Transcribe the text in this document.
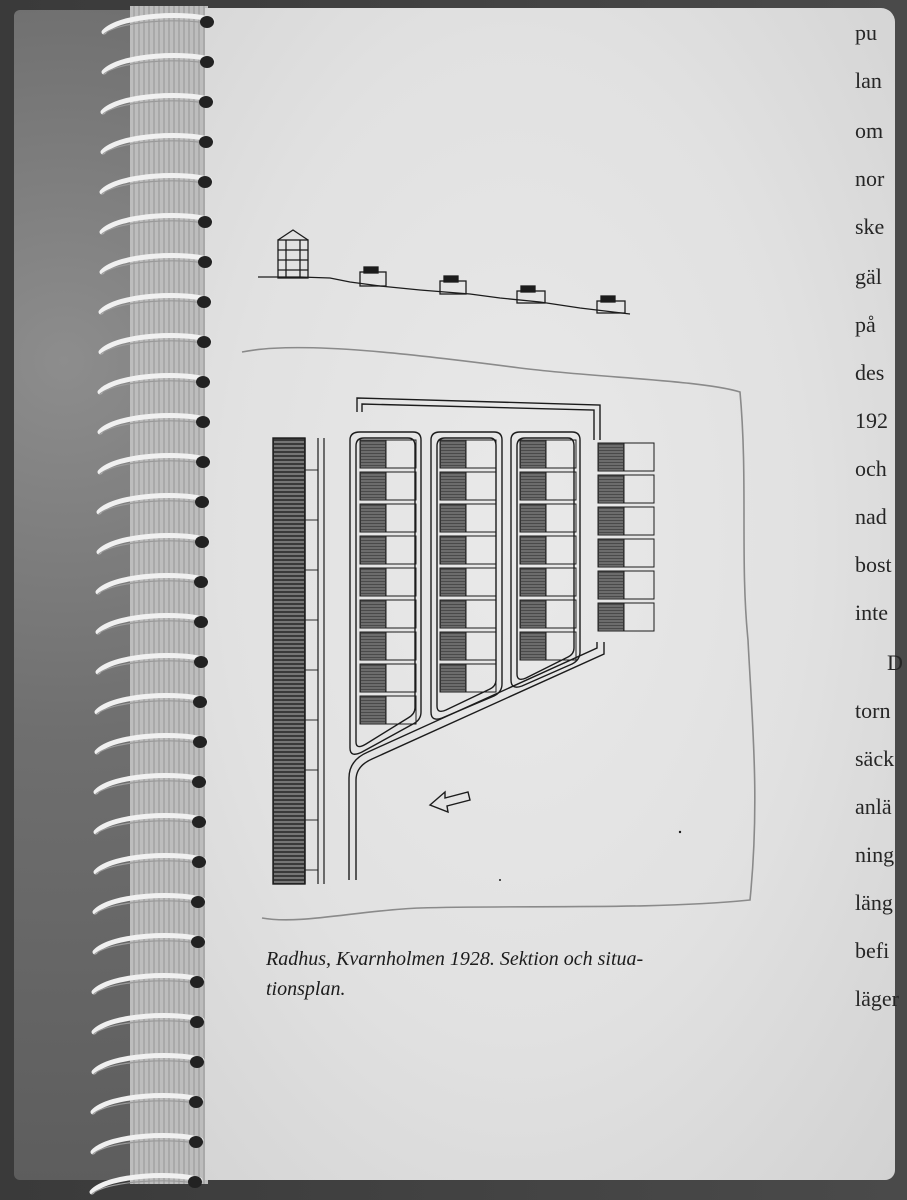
Radhus, Kvarnholmen 1928. Sektion och situa-
tionsplan.
pu
lan
om
nor
ske
gäl
på
des
192
och
nad
bost
inte
D
torn
säck
anlä
ning
läng
befi
läger
